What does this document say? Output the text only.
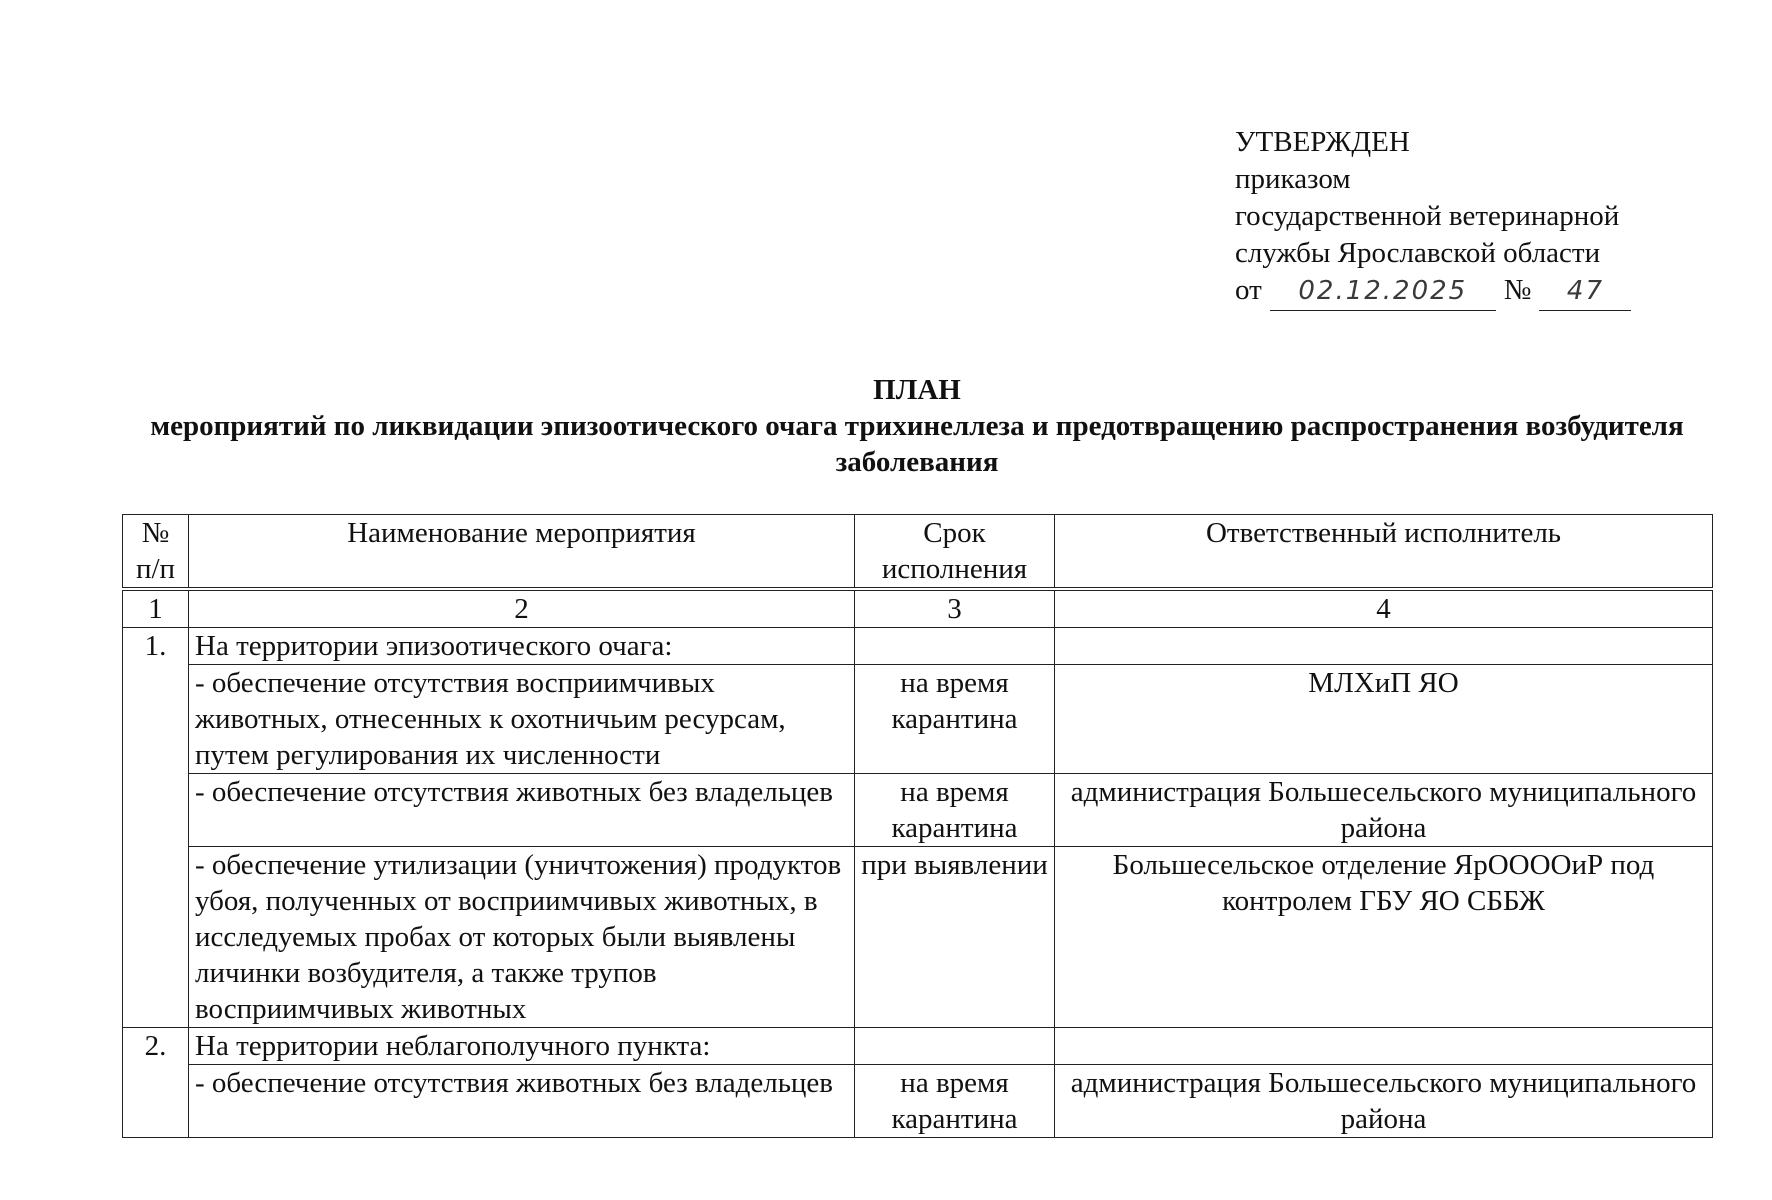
УТВЕРЖДЕН
приказом
государственной ветеринарной
службы Ярославской области
от	02.12.2025	№	47
ПЛАН
мероприятий по ликвидации эпизоотического очага трихинеллеза и предотвращению распространения возбудителя заболевания
№ п/п	Наименование мероприятия	Срок исполнения	Ответственный исполнитель
1	2	3	4
1.	На территории эпизоотического очага:		
	- обеспечение отсутствия восприимчивых животных, отнесенных к охотничьим ресурсам, путем регулирования их численности	на время карантина	МЛХиП ЯО
	- обеспечение отсутствия животных без владельцев	на время карантина	администрация Большесельского муниципального района
	- обеспечение утилизации (уничтожения) продуктов убоя, полученных от восприимчивых животных, в исследуемых пробах от которых были выявлены личинки возбудителя, а также трупов восприимчивых животных	при выявлении	Большесельское отделение ЯрООООиР под контролем ГБУ ЯО СББЖ
2.	На территории неблагополучного пункта:		
	- обеспечение отсутствия животных без владельцев	на время карантина	администрация Большесельского муниципального района
